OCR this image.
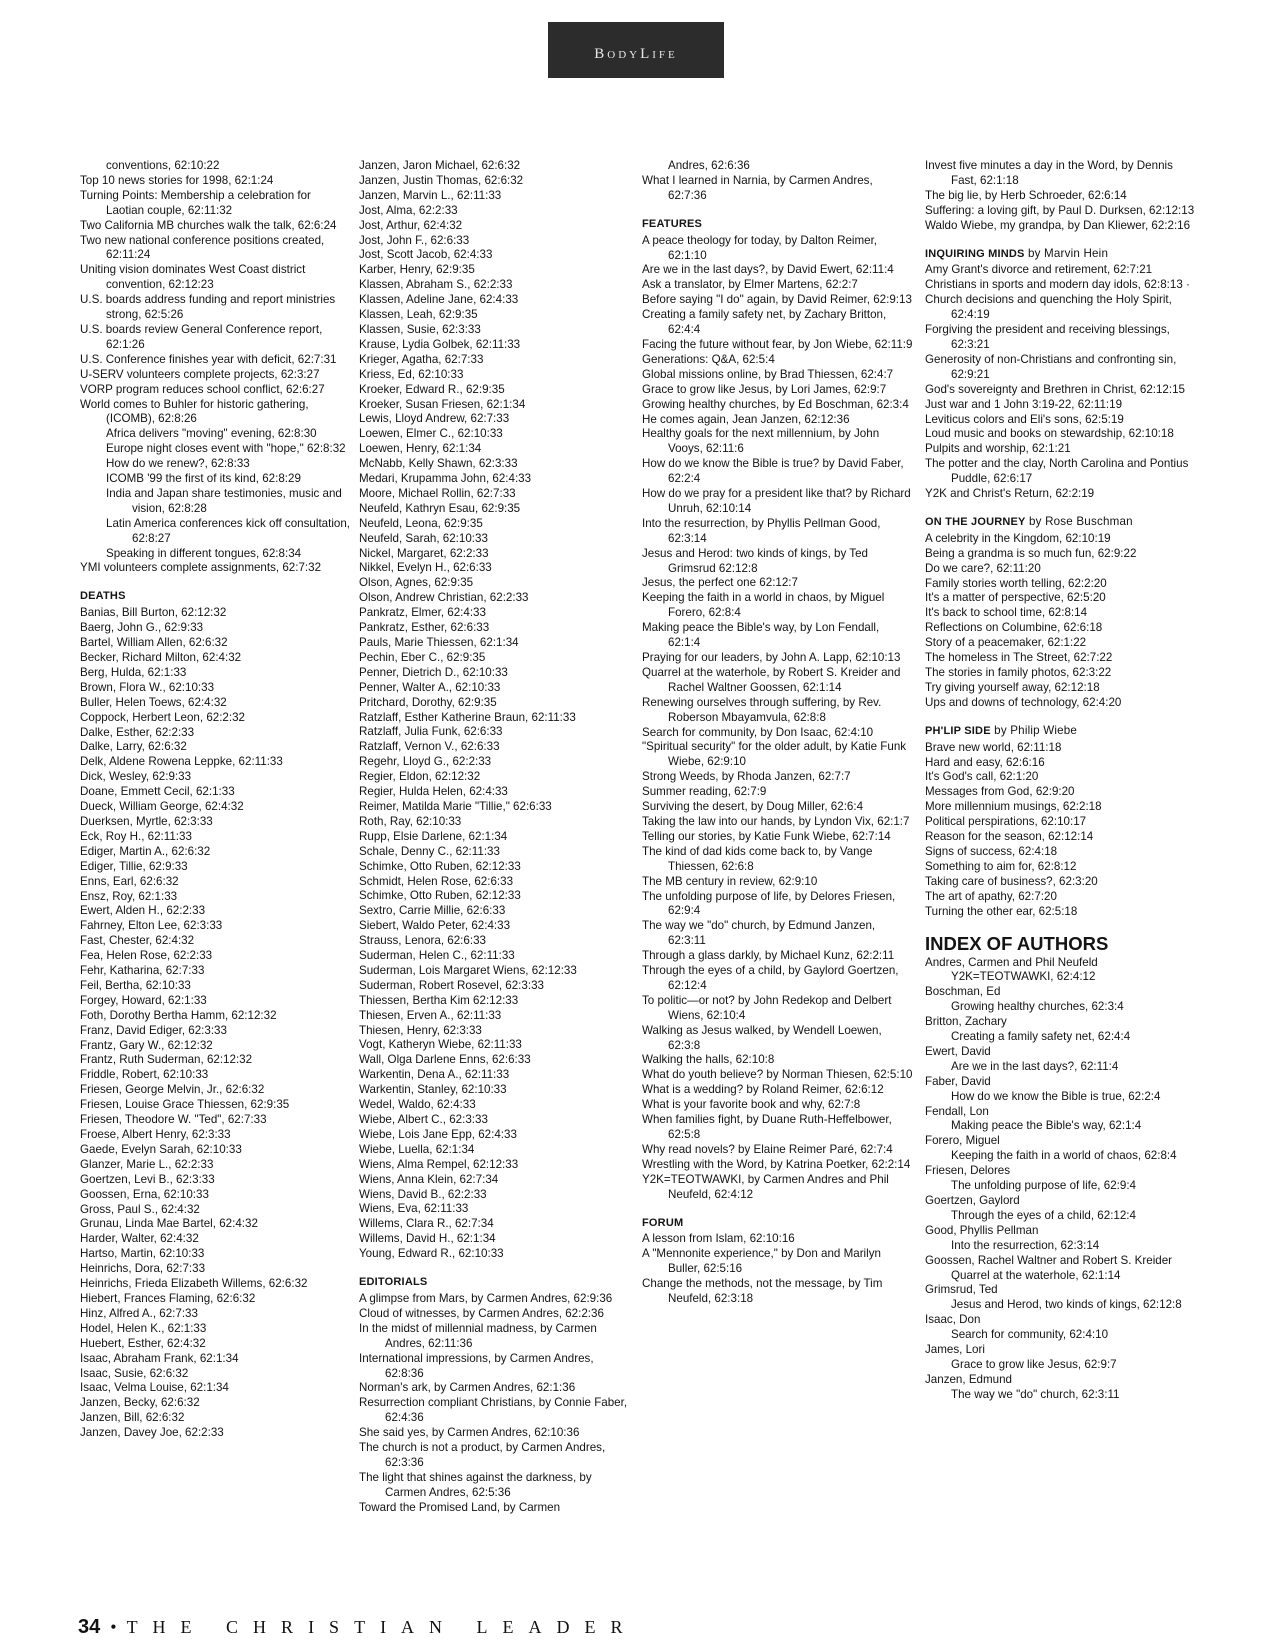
BodyLife

conventions, 62:10:22

Top 10 news stories for 1998, 62:1:24

Turning Points: Membership a celebration for Laotian couple, 62:11:32

Two California MB churches walk the talk, 62:6:24

Two new national conference positions created, 62:11:24

Uniting vision dominates West Coast district convention, 62:12:23

U.S. boards address funding and report ministries strong, 62:5:26

U.S. boards review General Conference report, 62:1:26

U.S. Conference finishes year with deficit, 62:7:31

U-SERV volunteers complete projects, 62:3:27

VORP program reduces school conflict, 62:6:27

World comes to Buhler for historic gathering, (ICOMB), 62:8:26

Africa delivers "moving" evening, 62:8:30

Europe night closes event with "hope," 62:8:32

How do we renew?, 62:8:33

ICOMB '99 the first of its kind, 62:8:29

India and Japan share testimonies, music and vision, 62:8:28

Latin America conferences kick off consultation, 62:8:27

Speaking in different tongues, 62:8:34

YMI volunteers complete assignments, 62:7:32

DEATHS

Banias, Bill Burton, 62:12:32

Baerg, John G., 62:9:33

Bartel, William Allen, 62:6:32

Becker, Richard Milton, 62:4:32

Berg, Hulda, 62:1:33

Brown, Flora W., 62:10:33

Buller, Helen Toews, 62:4:32

Coppock, Herbert Leon, 62:2:32

Dalke, Esther, 62:2:33

Dalke, Larry, 62:6:32

Delk, Aldene Rowena Leppke, 62:11:33

Dick, Wesley, 62:9:33

Doane, Emmett Cecil, 62:1:33

Dueck, William George, 62:4:32

Duerksen, Myrtle, 62:3:33

Eck, Roy H., 62:11:33

Ediger, Martin A., 62:6:32

Ediger, Tillie, 62:9:33

Enns, Earl, 62:6:32

Ensz, Roy, 62:1:33

Ewert, Alden H., 62:2:33

Fahrney, Elton Lee, 62:3:33

Fast, Chester, 62:4:32

Fea, Helen Rose, 62:2:33

Fehr, Katharina, 62:7:33

Feil, Bertha, 62:10:33

Forgey, Howard, 62:1:33

Foth, Dorothy Bertha Hamm, 62:12:32

Franz, David Ediger, 62:3:33

Frantz, Gary W., 62:12:32

Frantz, Ruth Suderman, 62:12:32

Friddle, Robert, 62:10:33

Friesen, George Melvin, Jr., 62:6:32

Friesen, Louise Grace Thiessen, 62:9:35

Friesen, Theodore W. "Ted", 62:7:33

Froese, Albert Henry, 62:3:33

Gaede, Evelyn Sarah, 62:10:33

Glanzer, Marie L., 62:2:33

Goertzen, Levi B., 62:3:33

Goossen, Erna, 62:10:33

Gross, Paul S., 62:4:32

Grunau, Linda Mae Bartel, 62:4:32

Harder, Walter, 62:4:32

Hartso, Martin, 62:10:33

Heinrichs, Dora, 62:7:33

Heinrichs, Frieda Elizabeth Willems, 62:6:32

Hiebert, Frances Flaming, 62:6:32

Hinz, Alfred A., 62:7:33

Hodel, Helen K., 62:1:33

Huebert, Esther, 62:4:32

Isaac, Abraham Frank, 62:1:34

Isaac, Susie, 62:6:32

Isaac, Velma Louise, 62:1:34

Janzen, Becky, 62:6:32

Janzen, Bill, 62:6:32

Janzen, Davey Joe, 62:2:33

Janzen, Jaron Michael, 62:6:32

Janzen, Justin Thomas, 62:6:32

Janzen, Marvin L., 62:11:33

Jost, Alma, 62:2:33

Jost, Arthur, 62:4:32

Jost, John F., 62:6:33

Jost, Scott Jacob, 62:4:33

Karber, Henry, 62:9:35

Klassen, Abraham S., 62:2:33

Klassen, Adeline Jane, 62:4:33

Klassen, Leah, 62:9:35

Klassen, Susie, 62:3:33

Krause, Lydia Golbek, 62:11:33

Krieger, Agatha, 62:7:33

Kriess, Ed, 62:10:33

Kroeker, Edward R., 62:9:35

Kroeker, Susan Friesen, 62:1:34

Lewis, Lloyd Andrew, 62:7:33

Loewen, Elmer C., 62:10:33

Loewen, Henry, 62:1:34

McNabb, Kelly Shawn, 62:3:33

Medari, Krupamma John, 62:4:33

Moore, Michael Rollin, 62:7:33

Neufeld, Kathryn Esau, 62:9:35

Neufeld, Leona, 62:9:35

Neufeld, Sarah, 62:10:33

Nickel, Margaret, 62:2:33

Nikkel, Evelyn H., 62:6:33

Olson, Agnes, 62:9:35

Olson, Andrew Christian, 62:2:33

Pankratz, Elmer, 62:4:33

Pankratz, Esther, 62:6:33

Pauls, Marie Thiessen, 62:1:34

Pechin, Eber C., 62:9:35

Penner, Dietrich D., 62:10:33

Penner, Walter A., 62:10:33

Pritchard, Dorothy, 62:9:35

Ratzlaff, Esther Katherine Braun, 62:11:33

Ratzlaff, Julia Funk, 62:6:33

Ratzlaff, Vernon V., 62:6:33

Regehr, Lloyd G., 62:2:33

Regier, Eldon, 62:12:32

Regier, Hulda Helen, 62:4:33

Reimer, Matilda Marie "Tillie," 62:6:33

Roth, Ray, 62:10:33

Rupp, Elsie Darlene, 62:1:34

Schale, Denny C., 62:11:33

Schimke, Otto Ruben, 62:12:33

Schmidt, Helen Rose, 62:6:33

Schimke, Otto Ruben, 62:12:33

Sextro, Carrie Millie, 62:6:33

Siebert, Waldo Peter, 62:4:33

Strauss, Lenora, 62:6:33

Suderman, Helen C., 62:11:33

Suderman, Lois Margaret Wiens, 62:12:33

Suderman, Robert Rosevel, 62:3:33

Thiessen, Bertha Kim 62:12:33

Thiesen, Erven A., 62:11:33

Thiesen, Henry, 62:3:33

Vogt, Katheryn Wiebe, 62:11:33

Wall, Olga Darlene Enns, 62:6:33

Warkentin, Dena A., 62:11:33

Warkentin, Stanley, 62:10:33

Wedel, Waldo, 62:4:33

Wiebe, Albert C., 62:3:33

Wiebe, Lois Jane Epp, 62:4:33

Wiebe, Luella, 62:1:34

Wiens, Alma Rempel, 62:12:33

Wiens, Anna Klein, 62:7:34

Wiens, David B., 62:2:33

Wiens, Eva, 62:11:33

Willems, Clara R., 62:7:34

Willems, David H., 62:1:34

Young, Edward R., 62:10:33

EDITORIALS

A glimpse from Mars, by Carmen Andres, 62:9:36

Cloud of witnesses, by Carmen Andres, 62:2:36

In the midst of millennial madness, by Carmen Andres, 62:11:36

International impressions, by Carmen Andres, 62:8:36

Norman's ark, by Carmen Andres, 62:1:36

Resurrection compliant Christians, by Connie Faber, 62:4:36

She said yes, by Carmen Andres, 62:10:36

The church is not a product, by Carmen Andres, 62:3:36

The light that shines against the darkness, by Carmen Andres, 62:5:36

Toward the Promised Land, by Carmen

Andres, 62:6:36

What I learned in Narnia, by Carmen Andres, 62:7:36

FEATURES

A peace theology for today, by Dalton Reimer, 62:1:10

Are we in the last days?, by David Ewert, 62:11:4

Ask a translator, by Elmer Martens, 62:2:7

Before saying "I do" again, by David Reimer, 62:9:13

Creating a family safety net, by Zachary Britton, 62:4:4

Facing the future without fear, by Jon Wiebe, 62:11:9

Generations: Q&A, 62:5:4

Global missions online, by Brad Thiessen, 62:4:7

Grace to grow like Jesus, by Lori James, 62:9:7

Growing healthy churches, by Ed Boschman, 62:3:4

He comes again, Jean Janzen, 62:12:36

Healthy goals for the next millennium, by John Vooys, 62:11:6

How do we know the Bible is true? by David Faber, 62:2:4

How do we pray for a president like that? by Richard Unruh, 62:10:14

Into the resurrection, by Phyllis Pellman Good, 62:3:14

Jesus and Herod: two kinds of kings, by Ted Grimsrud 62:12:8

Jesus, the perfect one 62:12:7

Keeping the faith in a world in chaos, by Miguel Forero, 62:8:4

Making peace the Bible's way, by Lon Fendall, 62:1:4

Praying for our leaders, by John A. Lapp, 62:10:13

Quarrel at the waterhole, by Robert S. Kreider and Rachel Waltner Goossen, 62:1:14

Renewing ourselves through suffering, by Rev. Roberson Mbayamvula, 62:8:8

Search for community, by Don Isaac, 62:4:10

"Spiritual security" for the older adult, by Katie Funk Wiebe, 62:9:10

Strong Weeds, by Rhoda Janzen, 62:7:7

Summer reading, 62:7:9

Surviving the desert, by Doug Miller, 62:6:4

Taking the law into our hands, by Lyndon Vix, 62:1:7

Telling our stories, by Katie Funk Wiebe, 62:7:14

The kind of dad kids come back to, by Vange Thiessen, 62:6:8

The MB century in review, 62:9:10

The unfolding purpose of life, by Delores Friesen, 62:9:4

The way we "do" church, by Edmund Janzen, 62:3:11

Through a glass darkly, by Michael Kunz, 62:2:11

Through the eyes of a child, by Gaylord Goertzen, 62:12:4

To politic—or not? by John Redekop and Delbert Wiens, 62:10:4

Walking as Jesus walked, by Wendell Loewen, 62:3:8

Walking the halls, 62:10:8

What do youth believe? by Norman Thiesen, 62:5:10

What is a wedding? by Roland Reimer, 62:6:12

What is your favorite book and why, 62:7:8

When families fight, by Duane Ruth-Heffelbower, 62:5:8

Why read novels? by Elaine Reimer Paré, 62:7:4

Wrestling with the Word, by Katrina Poetker, 62:2:14

Y2K=TEOTWAWKI, by Carmen Andres and Phil Neufeld, 62:4:12

FORUM

A lesson from Islam, 62:10:16

A "Mennonite experience," by Don and Marilyn Buller, 62:5:16

Change the methods, not the message, by Tim Neufeld, 62:3:18

Invest five minutes a day in the Word, by Dennis Fast, 62:1:18

The big lie, by Herb Schroeder, 62:6:14

Suffering: a loving gift, by Paul D. Durksen, 62:12:13

Waldo Wiebe, my grandpa, by Dan Kliewer, 62:2:16

INQUIRING MINDS by Marvin Hein

Amy Grant's divorce and retirement, 62:7:21

Christians in sports and modern day idols, 62:8:13 ·

Church decisions and quenching the Holy Spirit, 62:4:19

Forgiving the president and receiving blessings, 62:3:21

Generosity of non-Christians and confronting sin, 62:9:21

God's sovereignty and Brethren in Christ, 62:12:15

Just war and 1 John 3:19-22, 62:11:19

Leviticus colors and Eli's sons, 62:5:19

Loud music and books on stewardship, 62:10:18

Pulpits and worship, 62:1:21

The potter and the clay, North Carolina and Pontius Puddle, 62:6:17

Y2K and Christ's Return, 62:2:19

ON THE JOURNEY by Rose Buschman

A celebrity in the Kingdom, 62:10:19

Being a grandma is so much fun, 62:9:22

Do we care?, 62:11:20

Family stories worth telling, 62:2:20

It's a matter of perspective, 62:5:20

It's back to school time, 62:8:14

Reflections on Columbine, 62:6:18

Story of a peacemaker, 62:1:22

The homeless in The Street, 62:7:22

The stories in family photos, 62:3:22

Try giving yourself away, 62:12:18

Ups and downs of technology, 62:4:20

PH'LIP SIDE by Philip Wiebe

Brave new world, 62:11:18

Hard and easy, 62:6:16

It's God's call, 62:1:20

Messages from God, 62:9:20

More millennium musings, 62:2:18

Political perspirations, 62:10:17

Reason for the season, 62:12:14

Signs of success, 62:4:18

Something to aim for, 62:8:12

Taking care of business?, 62:3:20

The art of apathy, 62:7:20

Turning the other ear, 62:5:18

INDEX OF AUTHORS

Andres, Carmen and Phil Neufeld

Y2K=TEOTWAWKI, 62:4:12

Boschman, Ed

Growing healthy churches, 62:3:4

Britton, Zachary

Creating a family safety net, 62:4:4

Ewert, David

Are we in the last days?, 62:11:4

Faber, David

How do we know the Bible is true, 62:2:4

Fendall, Lon

Making peace the Bible's way, 62:1:4

Forero, Miguel

Keeping the faith in a world of chaos, 62:8:4

Friesen, Delores

The unfolding purpose of life, 62:9:4

Goertzen, Gaylord

Through the eyes of a child, 62:12:4

Good, Phyllis Pellman

Into the resurrection, 62:3:14

Goossen, Rachel Waltner and Robert S. Kreider

Quarrel at the waterhole, 62:1:14

Grimsrud, Ted

Jesus and Herod, two kinds of kings, 62:12:8

Isaac, Don

Search for community, 62:4:10

James, Lori

Grace to grow like Jesus, 62:9:7

Janzen, Edmund

The way we "do" church, 62:3:11

34 • THE CHRISTIAN LEADER
